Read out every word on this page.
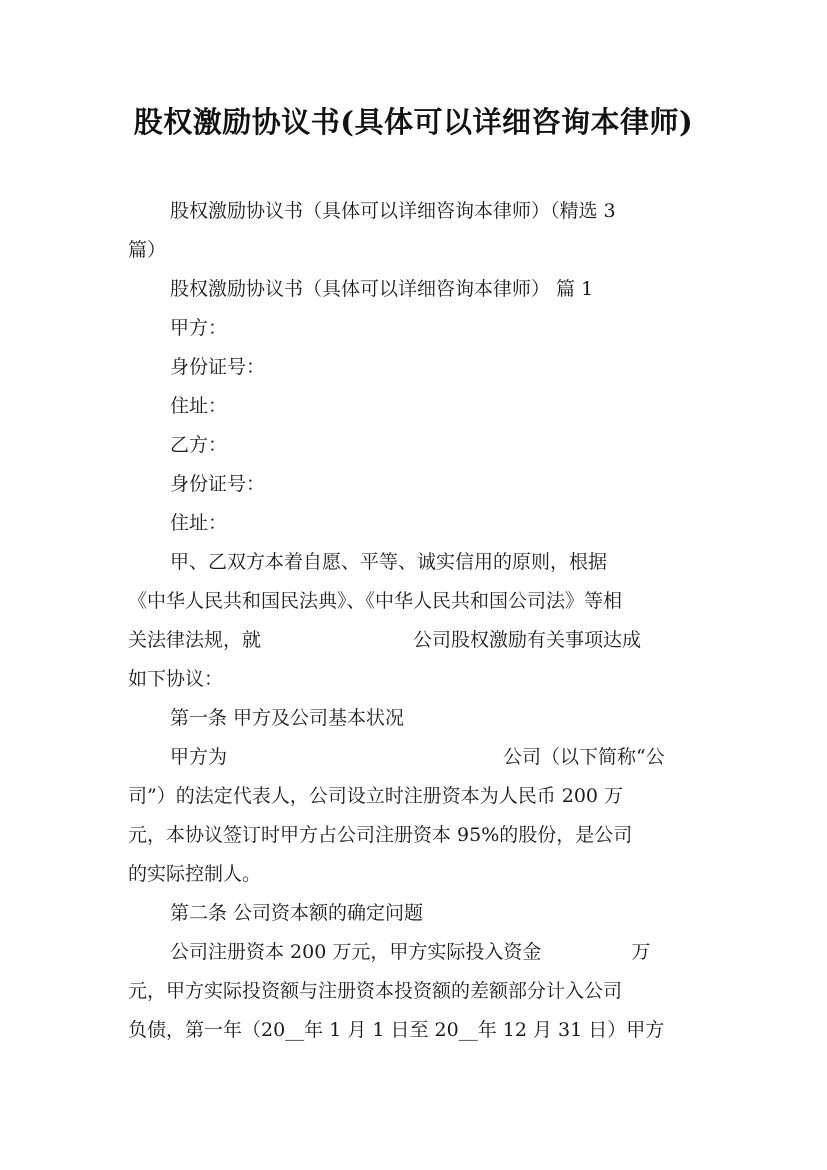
股权激励协议书(具体可以详细咨询本律师)
股权激励协议书（具体可以详细咨询本律师）（精选 3
篇）
股权激励协议书（具体可以详细咨询本律师） 篇 1
甲方：
身份证号：
住址：
乙方：
身份证号：
住址：
甲、乙双方本着自愿、平等、诚实信用的原则，根据
《中华人民共和国民法典》、《中华人民共和国公司法》等相
关法律法规，就	公司股权激励有关事项达成
如下协议：
第一条 甲方及公司基本状况
甲方为	公司（以下简称“公
司”）的法定代表人，公司设立时注册资本为人民币 200 万
元，本协议签订时甲方占公司注册资本 95%的股份，是公司
的实际控制人。
第二条 公司资本额的确定问题
公司注册资本 200 万元，甲方实际投入资金	万
元，甲方实际投资额与注册资本投资额的差额部分计入公司
负债，第一年（20__年 1 月 1 日至 20__年 12 月 31 日）甲方
